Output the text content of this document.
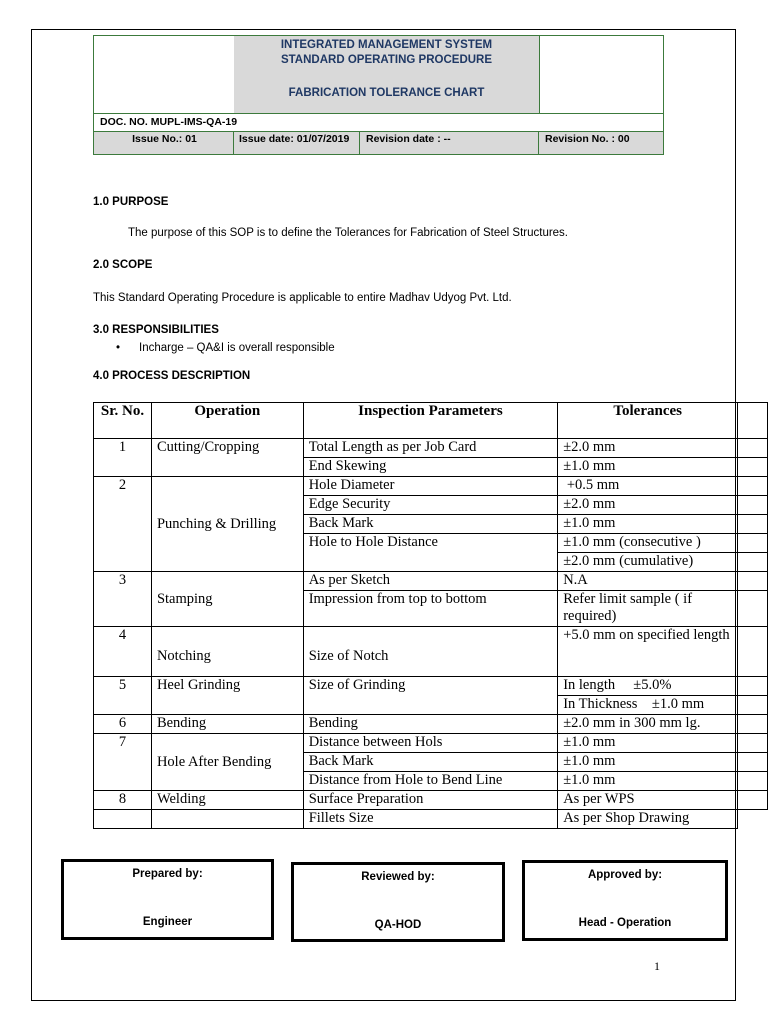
INTEGRATED MANAGEMENT SYSTEM
STANDARD OPERATING PROCEDURE
FABRICATION TOLERANCE CHART
DOC. NO. MUPL-IMS-QA-19
Issue No.: 01	Issue date: 01/07/2019	Revision date : --	Revision No. : 00
1.0 PURPOSE
The purpose of this SOP is to define the Tolerances for Fabrication of Steel Structures.
2.0 SCOPE
This Standard Operating Procedure is applicable to entire Madhav Udyog Pvt. Ltd.
3.0 RESPONSIBILITIES
• Incharge – QA&I is overall responsible
4.0 PROCESS DESCRIPTION
Sr. No.	Operation	Inspection Parameters	Tolerances	
1	Cutting/Cropping	Total Length as per Job Card	±2.0 mm	
		End Skewing	±1.0 mm	
2	Punching & Drilling	Hole Diameter	+0.5 mm	
		Edge Security	±2.0 mm	
		Back Mark	±1.0 mm	
		Hole to Hole Distance	±1.0 mm (consecutive )	
			±2.0 mm (cumulative)	
3	Stamping	As per Sketch	N.A	
		Impression from top to bottom	Refer limit sample ( if required)	
4	Notching	Size of Notch	+5.0 mm on specified length	
5	Heel Grinding	Size of Grinding	In length     ±5.0%	
			In Thickness    ±1.0 mm	
6	Bending	Bending	±2.0 mm in 300 mm lg.	
7	Hole After Bending	Distance between Hols	±1.0 mm	
		Back Mark	±1.0 mm	
		Distance from Hole to Bend Line	±1.0 mm	
8	Welding	Surface Preparation	As per WPS	
		Fillets Size	As per Shop Drawing	
Prepared by:
Engineer
Reviewed by:
QA-HOD
Approved by:
Head - Operation
1
